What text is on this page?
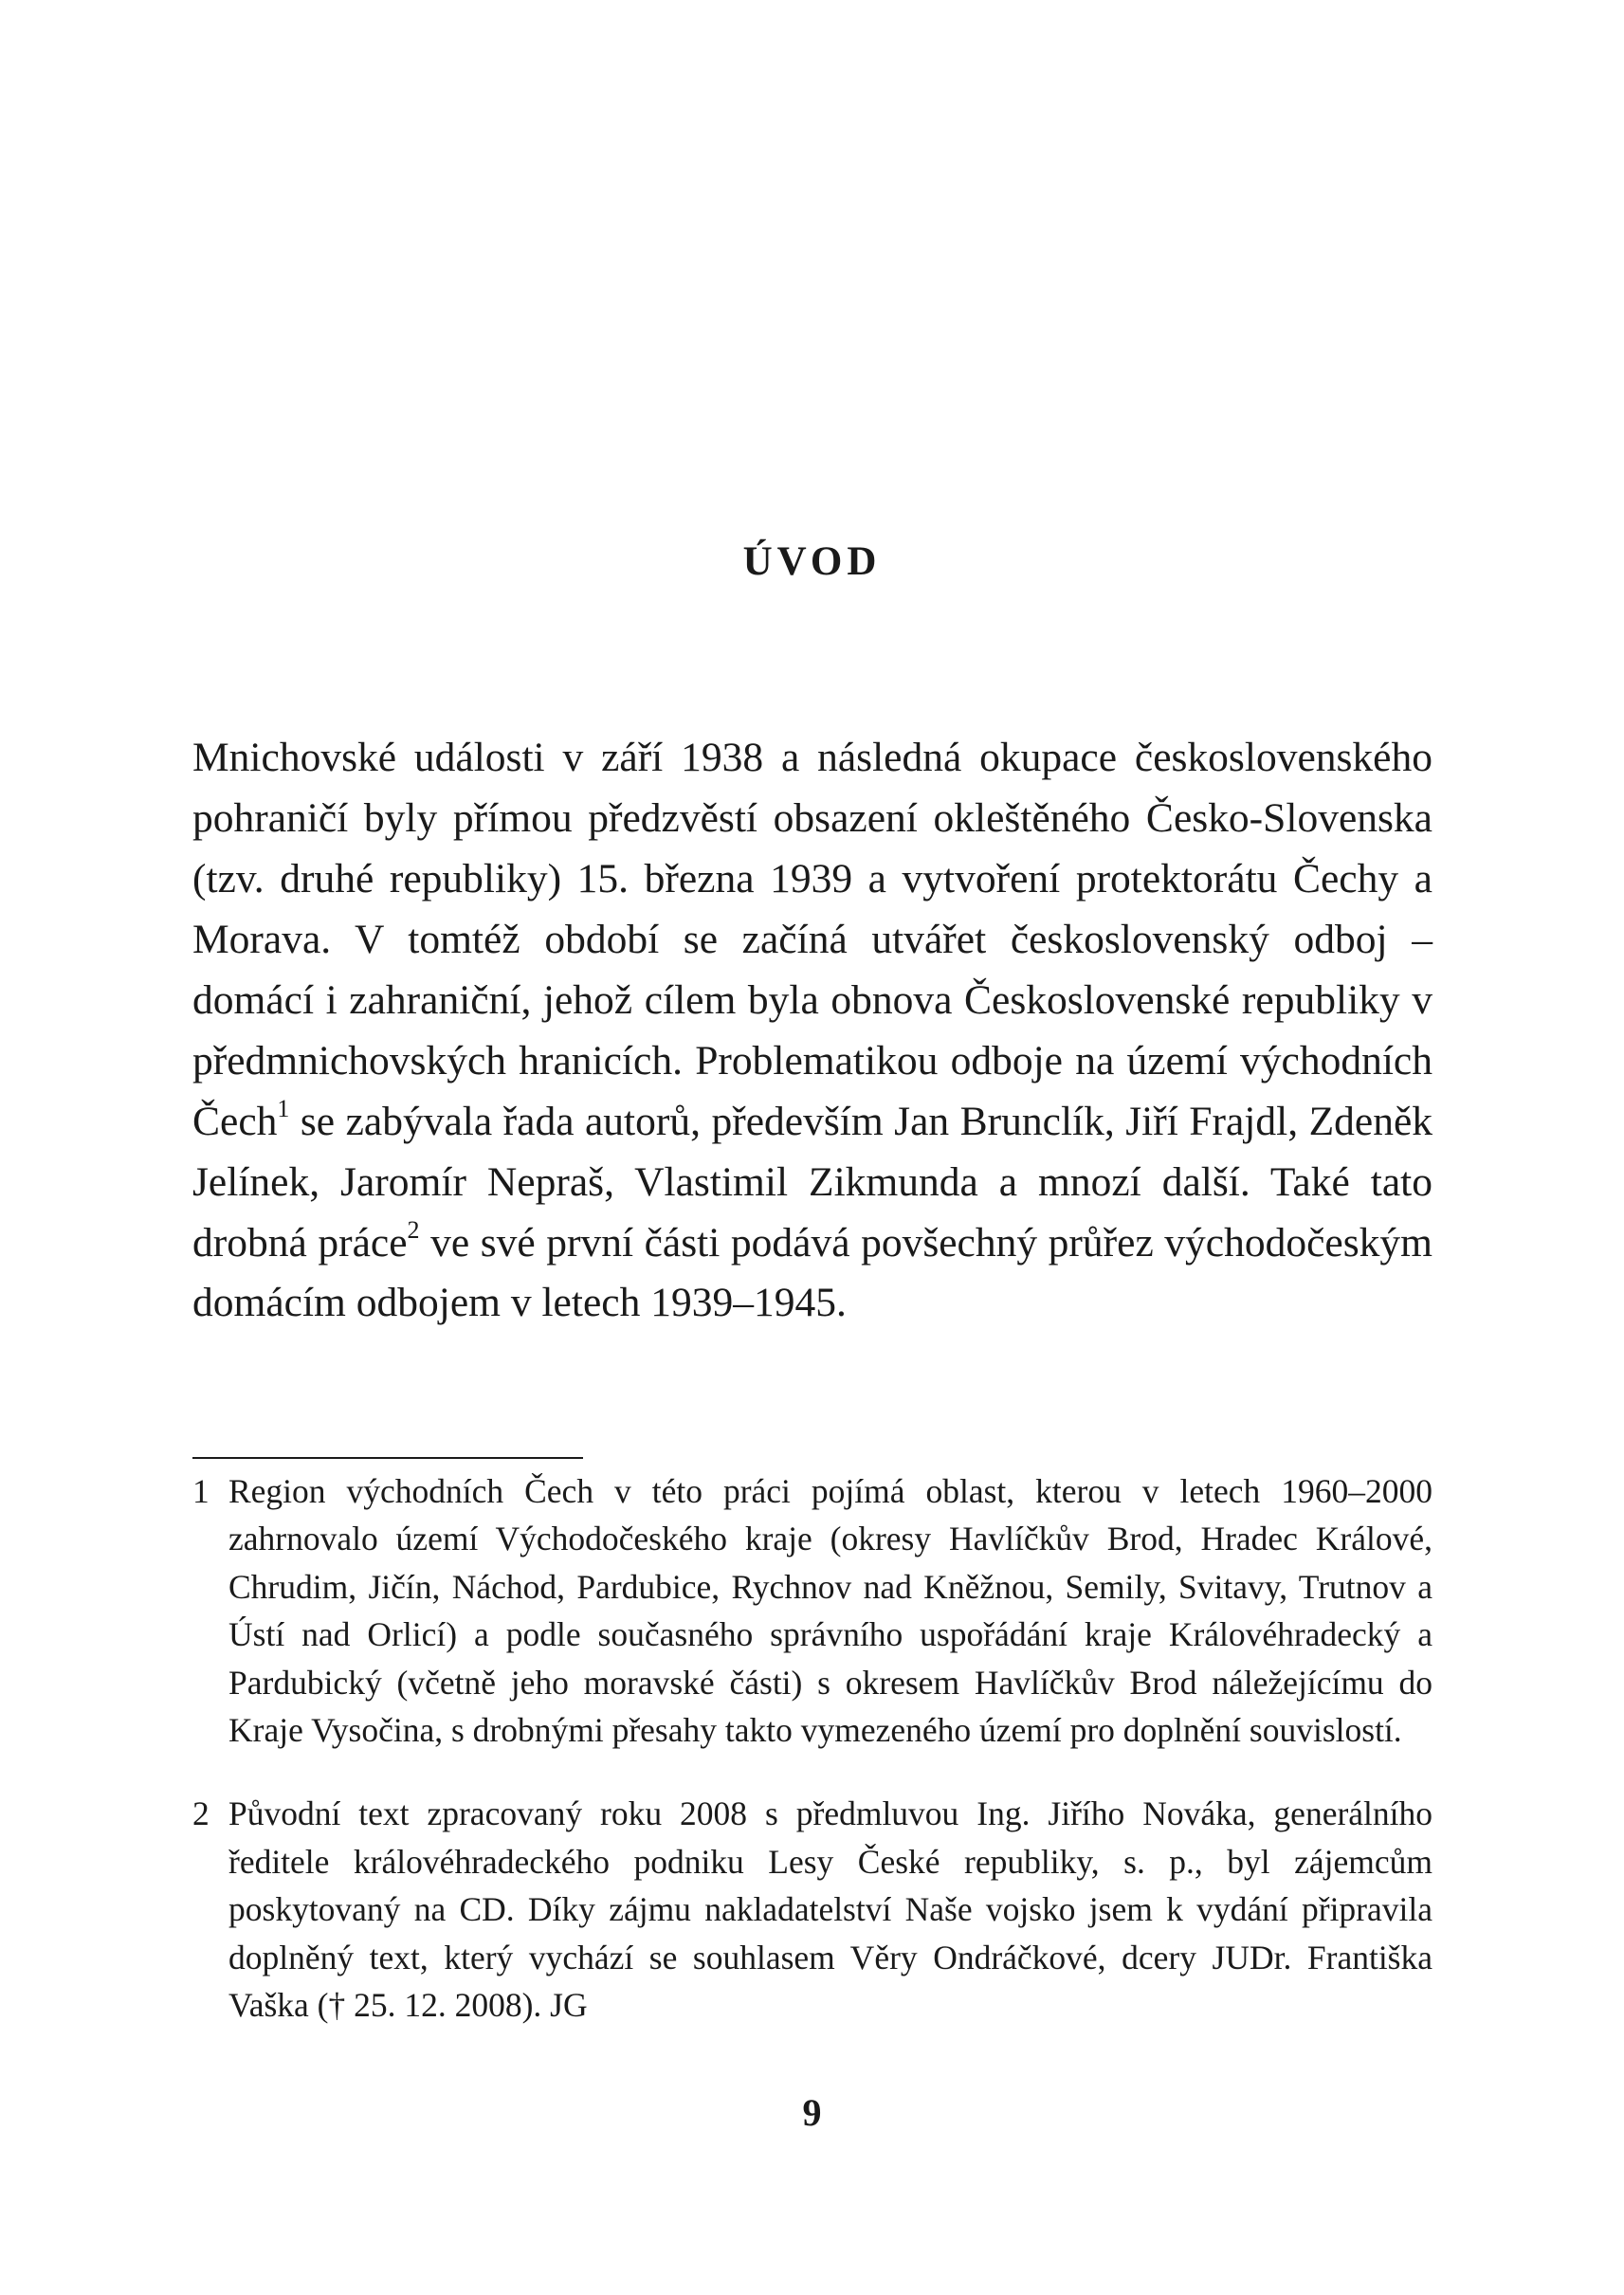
ÚVOD

Mnichovské události v září 1938 a následná okupace československého pohraničí byly přímou předzvěstí obsazení okleštěného Česko-Slovenska (tzv. druhé republiky) 15. března 1939 a vytvoření protektorátu Čechy a Morava. V tomtéž období se začíná utvářet československý odboj – domácí i zahraniční, jehož cílem byla obnova Československé republiky v předmnichovských hranicích. Problematikou odboje na území východních Čech$^1$ se zabývala řada autorů, především Jan Brunclík, Jiří Frajdl, Zdeněk Jelínek, Jaromír Nepraš, Vlastimil Zikmunda a mnozí další. Také tato drobná práce$^2$ ve své první části podává povšechný průřez východočeským domácím odbojem v letech 1939–1945.

1 Region východních Čech v této práci pojímá oblast, kterou v letech 1960–2000 zahrnovalo území Východočeského kraje (okresy Havlíčkův Brod, Hradec Králové, Chrudim, Jičín, Náchod, Pardubice, Rychnov nad Kněžnou, Semily, Svitavy, Trutnov a Ústí nad Orlicí) a podle současného správního uspořádání kraje Královéhradecký a Pardubický (včetně jeho moravské části) s okresem Havlíčkův Brod náležejícímu do Kraje Vysočina, s drobnými přesahy takto vymezeného území pro doplnění souvislostí.
2 Původní text zpracovaný roku 2008 s předmluvou Ing. Jiřího Nováka, generálního ředitele královéhradeckého podniku Lesy České republiky, s. p., byl zájemcům poskytovaný na CD. Díky zájmu nakladatelství Naše vojsko jsem k vydání připravila doplněný text, který vychází se souhlasem Věry Ondráčkové, dcery JUDr. Františka Vaška († 25. 12. 2008). JG

9
